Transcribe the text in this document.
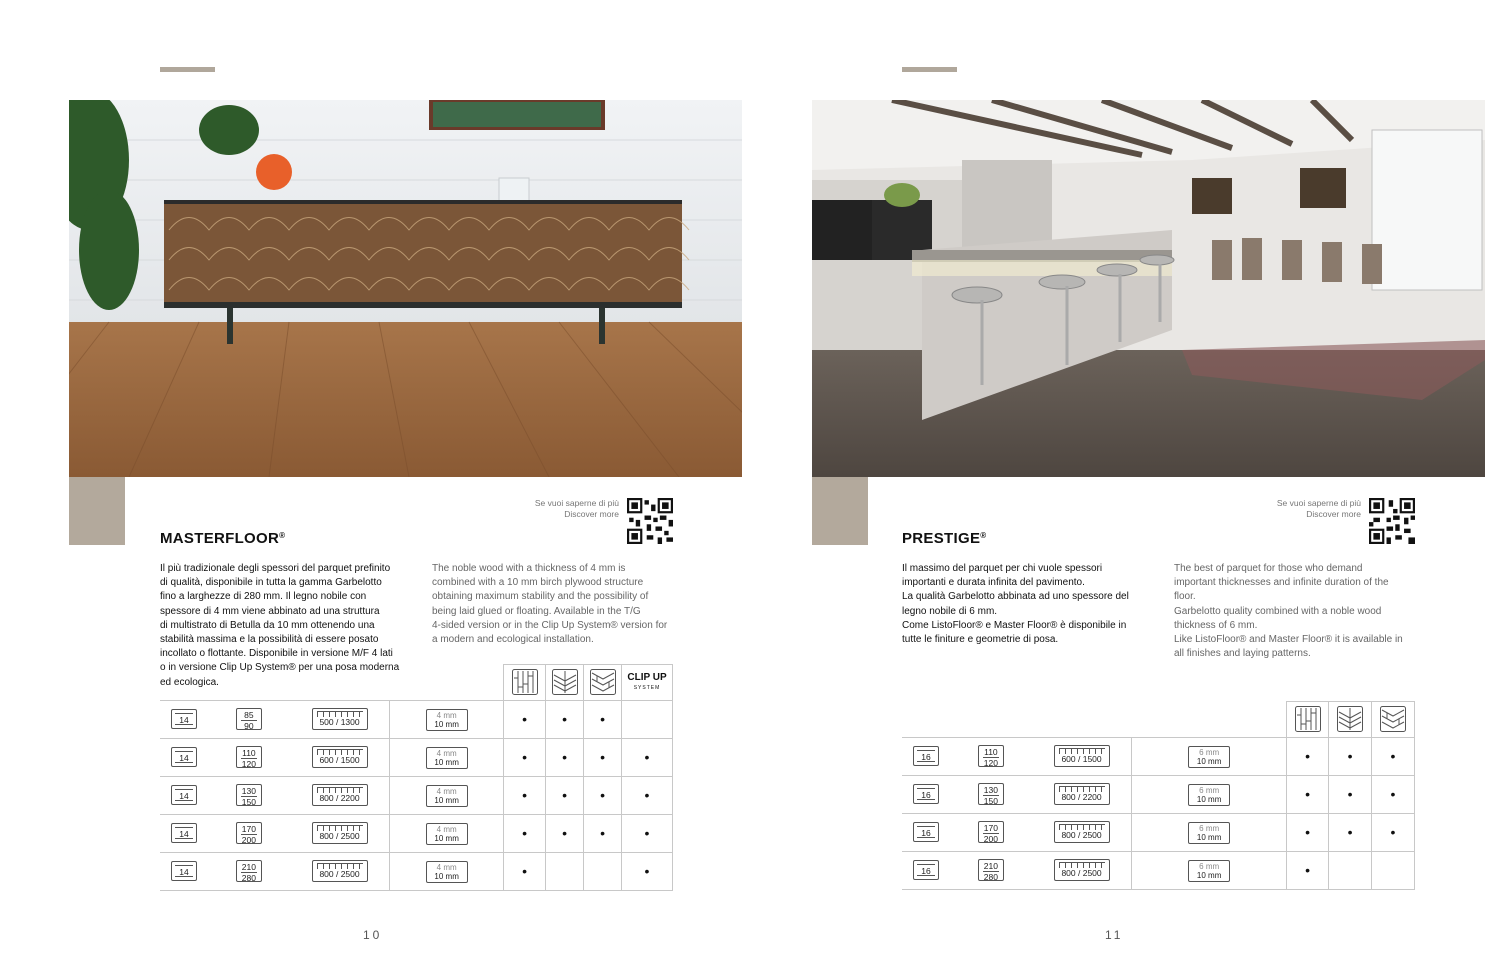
Se vuoi saperne di più
Discover more
MASTERFLOOR®
Il più tradizionale degli spessori del parquet prefinito
di qualità, disponibile in tutta la gamma Garbelotto
fino a larghezze di 280 mm. Il legno nobile con
spessore di 4 mm viene abbinato ad una struttura
di multistrato di Betulla da 10 mm ottenendo una
stabilità massima e la possibilità di essere posato
incollato o flottante. Disponibile in versione M/F 4 lati
o in versione Clip Up System® per una posa moderna
ed ecologica.
The noble wood with a thickness of 4 mm is
combined with a 10 mm birch plywood structure
obtaining maximum stability and the possibility of
being laid glued or floating. Available in the T/G
4-sided version or in the Clip Up System® version for
a modern and ecological installation.
				CLIP UP
SYSTEM

14	$\frac{85}{90}$	500 / 1300	4 mm
10 mm	•	•	•	

14	$\frac{110}{120}$	600 / 1500	4 mm
10 mm	•	•	•	•

14	$\frac{130}{150}$	800 / 2200	4 mm
10 mm	•	•	•	•

14	$\frac{170}{200}$	800 / 2500	4 mm
10 mm	•	•	•	•

14	$\frac{210}{280}$	800 / 2500	4 mm
10 mm	•			•
10
Se vuoi saperne di più
Discover more
PRESTIGE®
Il massimo del parquet per chi vuole spessori
importanti e durata infinita del pavimento.
La qualità Garbelotto abbinata ad uno spessore del
legno nobile di 6 mm.
Come ListoFloor® e Master Floor® è disponibile in
tutte le finiture e geometrie di posa.
The best of parquet for those who demand
important thicknesses and infinite duration of the
floor.
Garbelotto quality combined with a noble wood
thickness of 6 mm.
Like ListoFloor® and Master Floor® it is available in
all finishes and laying patterns.

16	$\frac{110}{120}$	600 / 1500	6 mm
10 mm	•	•	•

16	$\frac{130}{150}$	800 / 2200	6 mm
10 mm	•	•	•

16	$\frac{170}{200}$	800 / 2500	6 mm
10 mm	•	•	•

16	$\frac{210}{280}$	800 / 2500	6 mm
10 mm	•		
11
